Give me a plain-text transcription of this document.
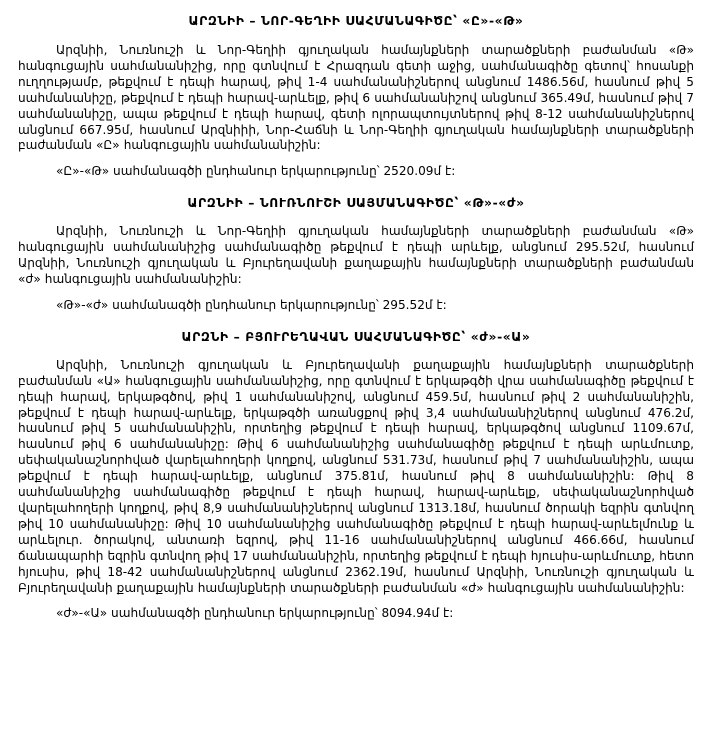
ԱՐԶՆԻԻ – ՆՈՐ-ԳԵՂԻԻ ՍԱՀՄԱՆԱԳԻԾԸ՝ «Ը»-«Թ»

Արզնիի, Նուռնուշի և Նոր-Գեղիի գյուղական համայնքների տարածքների բաժանման «Թ» հանգուցային սահմանանիշից, որը գտնվում է Հրազդան գետի աջից, սահմանագիծը գետով՝ հոսանքի ուղղությամբ, թեքվում է դեպի հարավ, թիվ 1-4 սահմանանիշներով անցնում 1486.56մ, հասնում թիվ 5 սահմանանիշը, թեքվում է դեպի հարավ-արևելք, թիվ 6 սահմանանիշով անցնում 365.49մ, հասնում թիվ 7 սահմանանիշը, ապա թեքվում է դեպի հարավ, գետի ոլորապտույտներով թիվ 8-12 սահմանանիշներով անցնում 667.95մ, հասնում Արզնիիի, Նոր-Հաճնի և Նոր-Գեղիի գյուղական համայնքների տարածքների բաժանման «Ը» հանգուցային սահմանանիշին:

«Ը»-«Թ» սահմանագծի ընդհանուր երկարությունը՝ 2520.09մ է:

ԱՐԶՆԻԻ – ՆՈՒՌՆՈՒՇԻ ՍԱՅՄԱՆԱԳԻԾԸ՝ «Թ»-«ժ»

Արզնիի, Նուռնուշի և Նոր-Գեղիի գյուղական համայնքների տարածքների բաժանման «Թ» հանգուցային սահմանանիշից սահմանագիծը թեքվում է դեպի արևելք, անցնում 295.52մ, հասնում Արզնիի, Նուռնուշի գյուղական և Բյուրեղավանի քաղաքային համայնքների տարածքների բաժանման «ժ» հանգուցային սահմանանիշին:

«Թ»-«ժ» սահմանագծի ընդհանուր երկարությունը՝ 295.52մ է:

ԱՐԶՆԻ – ԲՅՈՒՐԵՂԱՎԱՆ ՍԱՀՄԱՆԱԳԻԾԸ՝ «ժ»-«Ա»

Արզնիի, Նուռնուշի գյուղական և Բյուրեղավանի քաղաքային համայնքների տարածքների բաժանման «Ա» հանգուցային սահմանանիշից, որը գտնվում է երկաթգծի վրա սահմանագիծը թեքվում է դեպի հարավ, երկաթգծով, թիվ 1 սահմանանիշով, անցնում 459.5մ, հասնում թիվ 2 սահմանանիշին, թեքվում է դեպի հարավ-արևելք, երկաթգծի առանցքով թիվ 3,4 սահմանանիշներով անցնում 476.2մ, հասնում թիվ 5 սահմանանիշին, որտեղից թեքվում է դեպի հարավ, երկաթգծով անցնում 1109.67մ, հասնում թիվ 6 սահմանանիշը: Թիվ 6 սահմանանիշից սահմանագիծը թեքվում է դեպի արևմուտք, սեփականաշնորհված վարելահողերի կողքով, անցնում 531.73մ, հասնում թիվ 7 սահմանանիշին, ապա թեքվում է դեպի հարավ-արևելք, անցնում 375.81մ, հասնում թիվ 8 սահմանանիշին: Թիվ 8 սահմանանիշից սահմանագիծը թեքվում է դեպի հարավ, հարավ-արևելք, սեփականաշնորհված վարելահողերի կողքով, թիվ 8,9 սահմանանիշներով անցնում 1313.18մ, հասնում ծորակի եզրին գտնվող թիվ 10 սահմանանիշը: Թիվ 10 սահմանանիշից սահմանագիծը թեքվում է դեպի հարավ-արևելմունք և արևելուր. ծորակով, անտառի եզրով, թիվ 11-16 սահմանանիշներով անցնում 466.66մ, հասնում ճանապարհի եզրին գտնվող թիվ 17 սահմանանիշին, որտեղից թեքվում է դեպի հյուսիս-արևմուտք, հետո հյուսիս, թիվ 18-42 սահմանանիշներով անցնում 2362.19մ, հասնում Արզնիի, Նուռնուշի գյուղական և Բյուրեղավանի քաղաքային համայնքների տարածքների բաժանման «ժ» հանգուցային սահմանանիշին:

«ժ»-«Ա» սահմանագծի ընդհանուր երկարությունը՝ 8094.94մ է:
